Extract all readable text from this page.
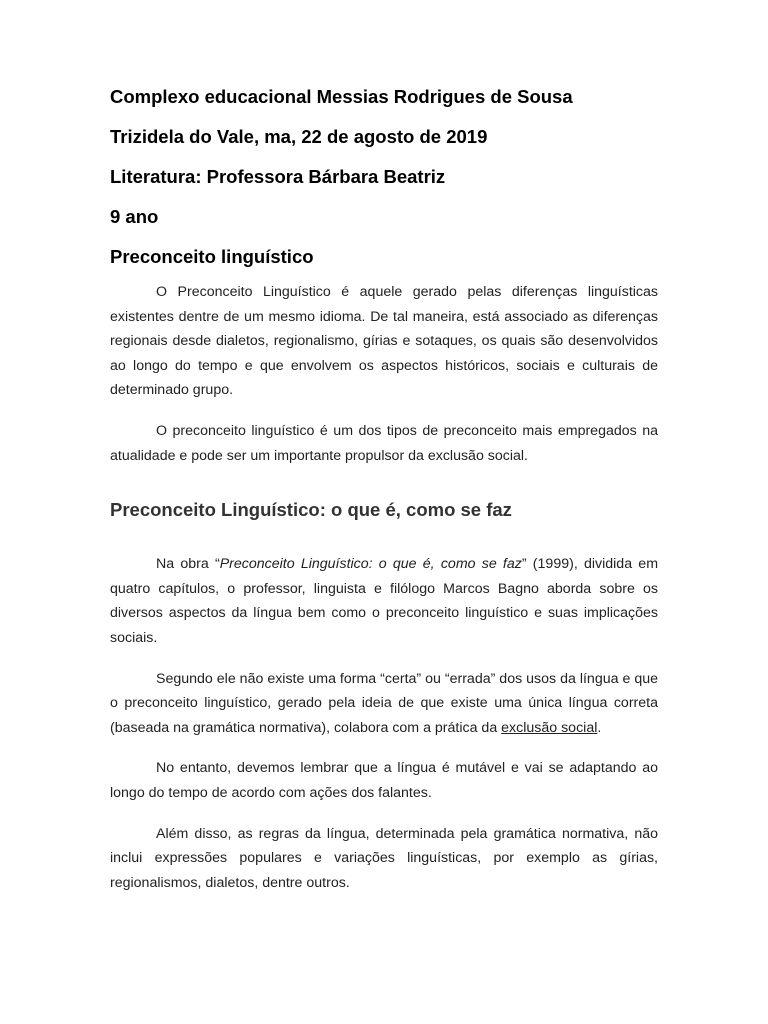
Complexo educacional Messias Rodrigues de Sousa
Trizidela do Vale, ma, 22 de agosto de 2019
Literatura: Professora Bárbara Beatriz
9 ano
Preconceito linguístico

O Preconceito Linguístico é aquele gerado pelas diferenças linguísticas existentes dentre de um mesmo idioma. De tal maneira, está associado as diferenças regionais desde dialetos, regionalismo, gírias e sotaques, os quais são desenvolvidos ao longo do tempo e que envolvem os aspectos históricos, sociais e culturais de determinado grupo.

O preconceito linguístico é um dos tipos de preconceito mais empregados na atualidade e pode ser um importante propulsor da exclusão social.

Preconceito Linguístico: o que é, como se faz

Na obra “Preconceito Linguístico: o que é, como se faz” (1999), dividida em quatro capítulos, o professor, linguista e filólogo Marcos Bagno aborda sobre os diversos aspectos da língua bem como o preconceito linguístico e suas implicações sociais.

Segundo ele não existe uma forma “certa” ou “errada” dos usos da língua e que o preconceito linguístico, gerado pela ideia de que existe uma única língua correta (baseada na gramática normativa), colabora com a prática da exclusão social.

No entanto, devemos lembrar que a língua é mutável e vai se adaptando ao longo do tempo de acordo com ações dos falantes.

Além disso, as regras da língua, determinada pela gramática normativa, não inclui expressões populares e variações linguísticas, por exemplo as gírias, regionalismos, dialetos, dentre outros.
